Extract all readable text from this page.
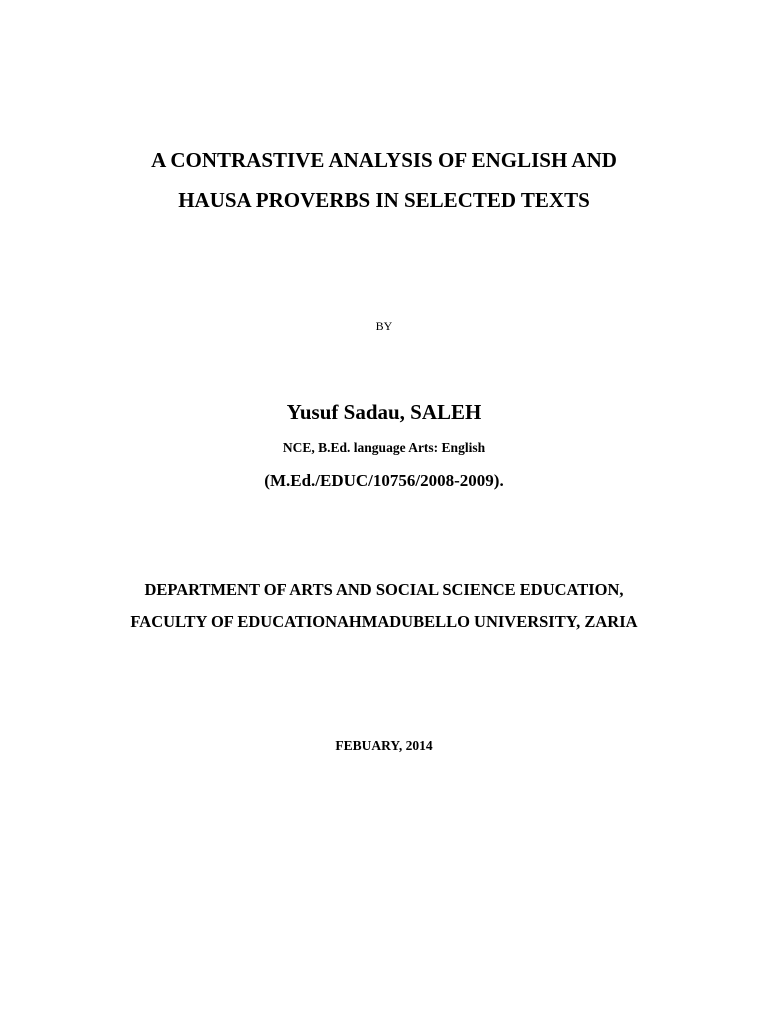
A CONTRASTIVE ANALYSIS OF ENGLISH AND
HAUSA PROVERBS IN SELECTED TEXTS
BY
Yusuf Sadau, SALEH
NCE, B.Ed. language Arts: English
(M.Ed./EDUC/10756/2008-2009).
DEPARTMENT OF ARTS AND SOCIAL SCIENCE EDUCATION,
FACULTY OF EDUCATIONAHMADUBELLO UNIVERSITY, ZARIA
FEBUARY, 2014
